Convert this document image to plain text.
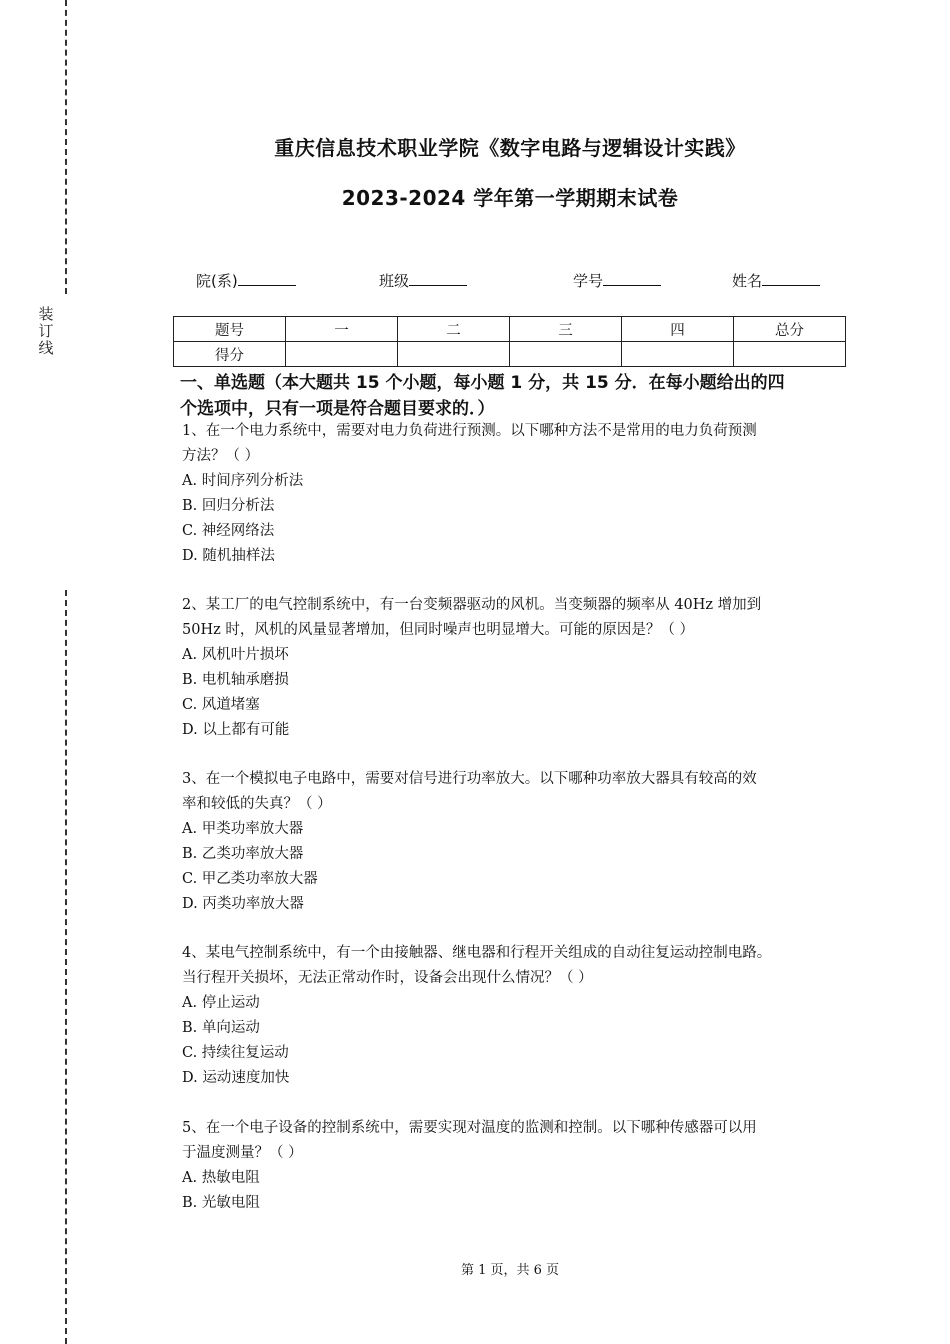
装
订
线
重庆信息技术职业学院《数字电路与逻辑设计实践》
2023-2024 学年第一学期期末试卷
院(系)	班级	学号	姓名
题号	一	二	三	四	总分
得分					
一、单选题（本大题共 15 个小题，每小题 1 分，共 15 分．在每小题给出的四
个选项中，只有一项是符合题目要求的．）
1、在一个电力系统中，需要对电力负荷进行预测。以下哪种方法不是常用的电力负荷预测
方法？（ ）
A. 时间序列分析法
B. 回归分析法
C. 神经网络法
D. 随机抽样法
2、某工厂的电气控制系统中，有一台变频器驱动的风机。当变频器的频率从 40Hz 增加到
50Hz 时，风机的风量显著增加，但同时噪声也明显增大。可能的原因是？（ ）
A. 风机叶片损坏
B. 电机轴承磨损
C. 风道堵塞
D. 以上都有可能
3、在一个模拟电子电路中，需要对信号进行功率放大。以下哪种功率放大器具有较高的效
率和较低的失真？（ ）
A. 甲类功率放大器
B. 乙类功率放大器
C. 甲乙类功率放大器
D. 丙类功率放大器
4、某电气控制系统中，有一个由接触器、继电器和行程开关组成的自动往复运动控制电路。
当行程开关损坏，无法正常动作时，设备会出现什么情况？（ ）
A. 停止运动
B. 单向运动
C. 持续往复运动
D. 运动速度加快
5、在一个电子设备的控制系统中，需要实现对温度的监测和控制。以下哪种传感器可以用
于温度测量？（ ）
A. 热敏电阻
B. 光敏电阻
第 1 页，共 6 页
